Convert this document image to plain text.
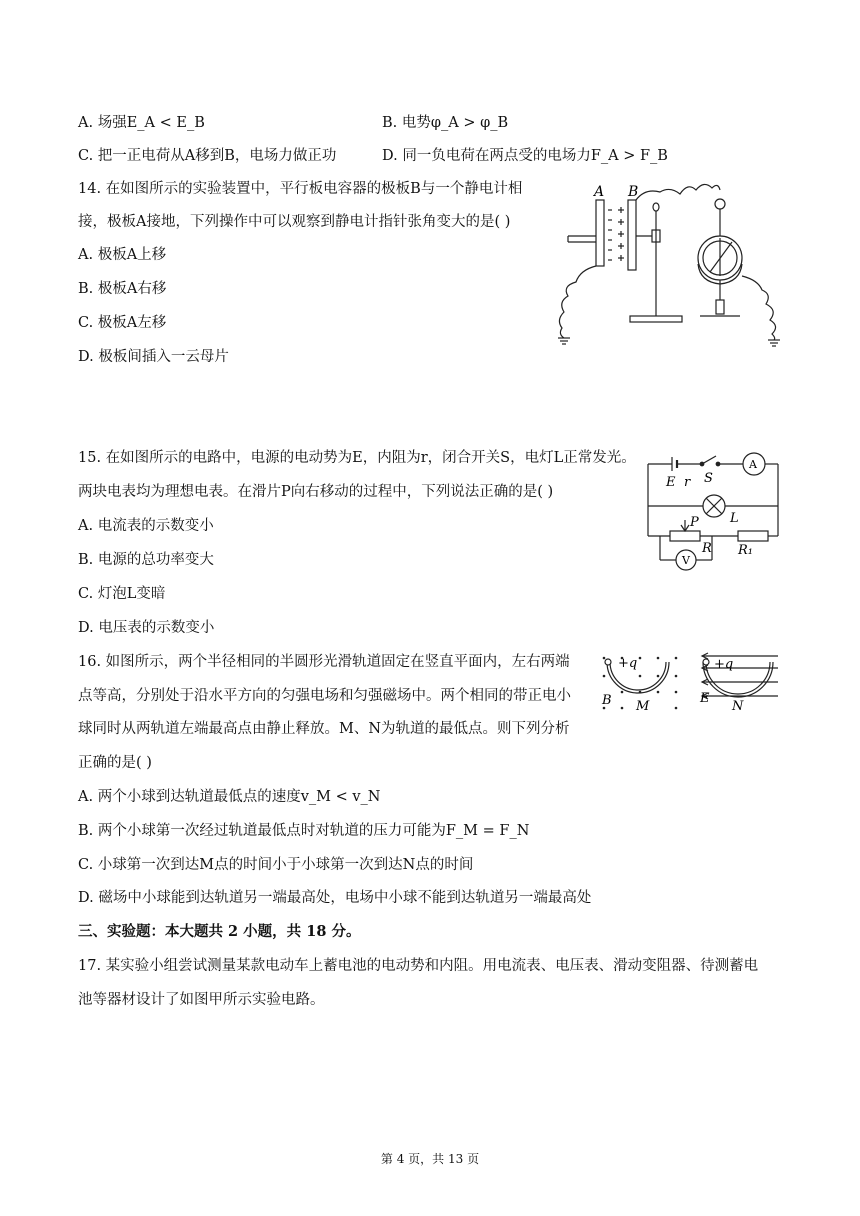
A. 场强E_A < E_B	B. 电势φ_A > φ_B
C. 把一正电荷从A移到B，电场力做正功	D. 同一负电荷在两点受的电场力F_A > F_B
14. 在如图所示的实验装置中，平行板电容器的极板B与一个静电计相
接，极板A接地，下列操作中可以观察到静电计指针张角变大的是( )
A. 极板A上移
B. 极板A右移
C. 极板A左移
D. 极板间插入一云母片
A B
15. 在如图所示的电路中，电源的电动势为E，内阻为r，闭合开关S，电灯L正常发光。
两块电表均为理想电表。在滑片P向右移动的过程中，下列说法正确的是( )
A. 电流表的示数变小
B. 电源的总功率变大
C. 灯泡L变暗
D. 电压表的示数变小
E r S
A
L
P
R R₁
V
16. 如图所示，两个半径相同的半圆形光滑轨道固定在竖直平面内，左右两端
点等高，分别处于沿水平方向的匀强电场和匀强磁场中。两个相同的带正电小
球同时从两轨道左端最高点由静止释放。M、N为轨道的最低点。则下列分析
正确的是( )
A. 两个小球到达轨道最低点的速度v_M < v_N
B. 两个小球第一次经过轨道最低点时对轨道的压力可能为F_M = F_N
C. 小球第一次到达M点的时间小于小球第一次到达N点的时间
D. 磁场中小球能到达轨道另一端最高处，电场中小球不能到达轨道另一端最高处
+q	+q
B M
E
N
三、实验题：本大题共 2 小题，共 18 分。
17. 某实验小组尝试测量某款电动车上蓄电池的电动势和内阻。用电流表、电压表、滑动变阻器、待测蓄电
池等器材设计了如图甲所示实验电路。
第 4 页，共 13 页
